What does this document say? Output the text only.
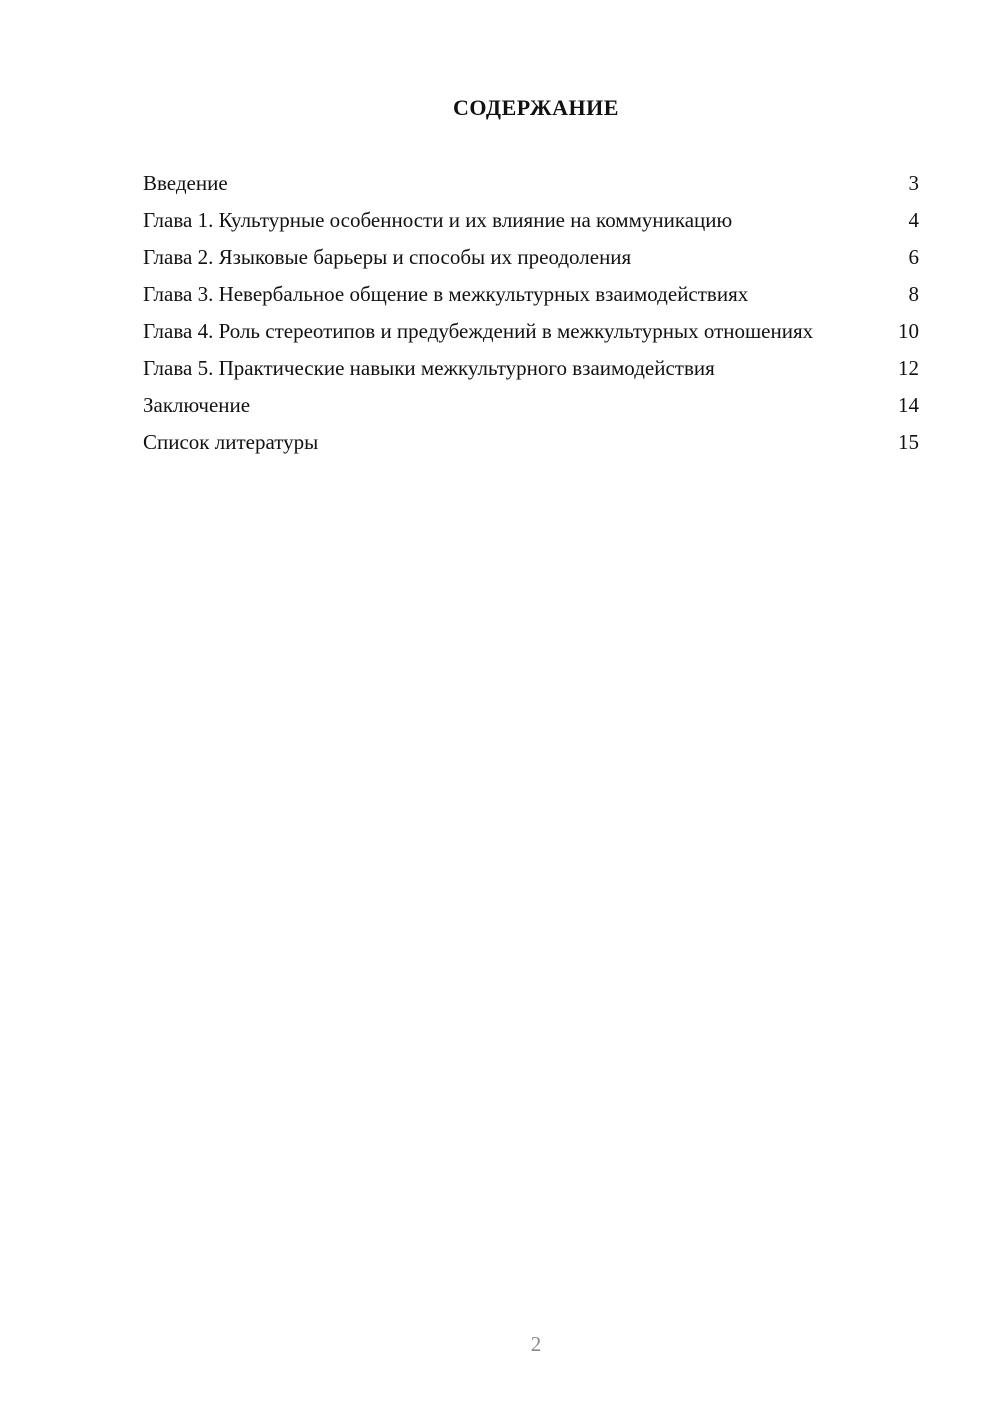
СОДЕРЖАНИЕ
Введение	3
Глава 1. Культурные особенности и их влияние на коммуникацию	4
Глава 2. Языковые барьеры и способы их преодоления	6
Глава 3. Невербальное общение в межкультурных взаимодействиях	8
Глава 4. Роль стереотипов и предубеждений в межкультурных отношениях	10
Глава 5. Практические навыки межкультурного взаимодействия	12
Заключение	14
Список литературы	15
2
